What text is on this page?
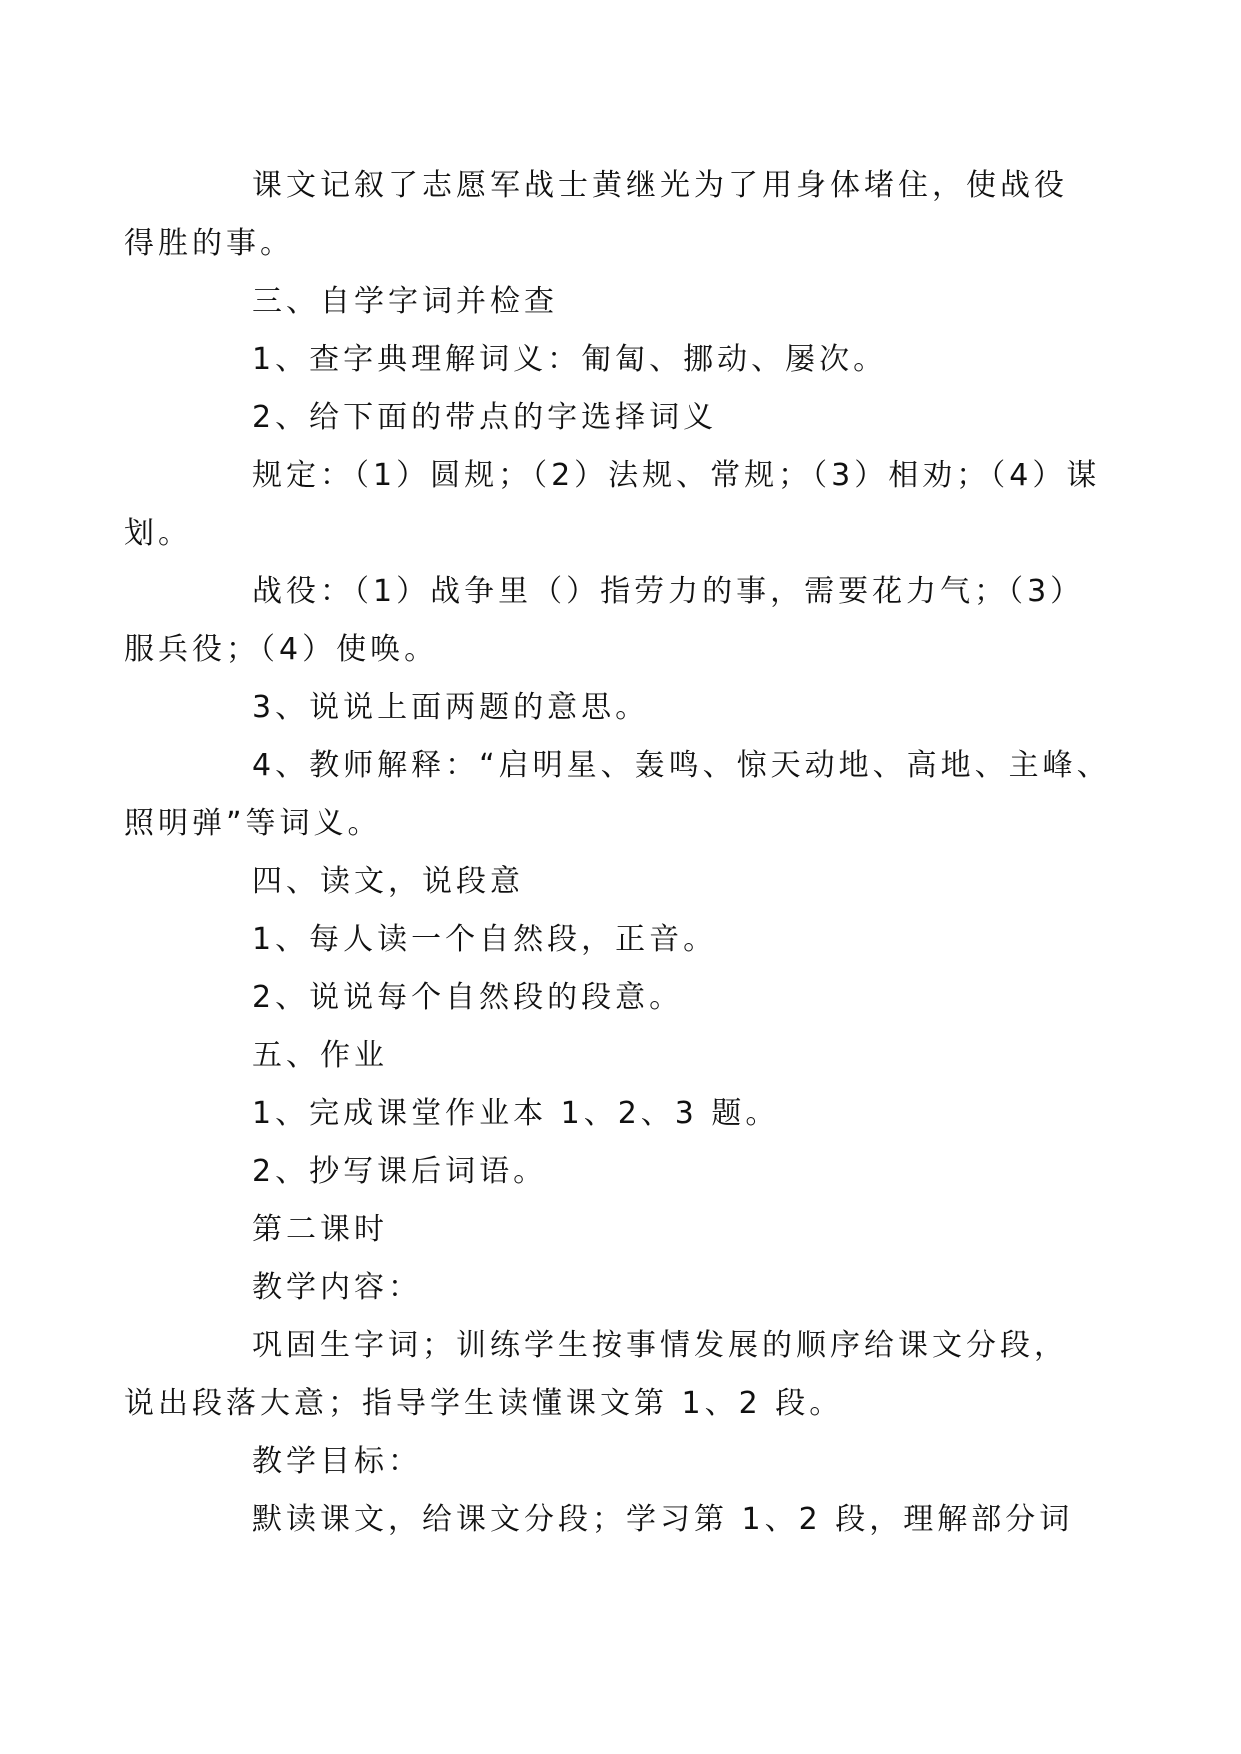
课文记叙了志愿军战士黄继光为了用身体堵住，使战役
得胜的事。
三、自学字词并检查
1、查字典理解词义：匍匐、挪动、屡次。
2、给下面的带点的字选择词义
规定：（1）圆规；（2）法规、常规；（3）相劝；（4）谋
划。
战役：（1）战争里（）指劳力的事，需要花力气；（3）
服兵役；（4）使唤。
3、说说上面两题的意思。
4、教师解释：“启明星、轰鸣、惊天动地、高地、主峰、
照明弹”等词义。
四、读文，说段意
1、每人读一个自然段，正音。
2、说说每个自然段的段意。
五、作业
1、完成课堂作业本 1、2、3 题。
2、抄写课后词语。
第二课时
教学内容：
巩固生字词；训练学生按事情发展的顺序给课文分段，
说出段落大意；指导学生读懂课文第 1、2 段。
教学目标：
默读课文，给课文分段；学习第 1、2 段，理解部分词
